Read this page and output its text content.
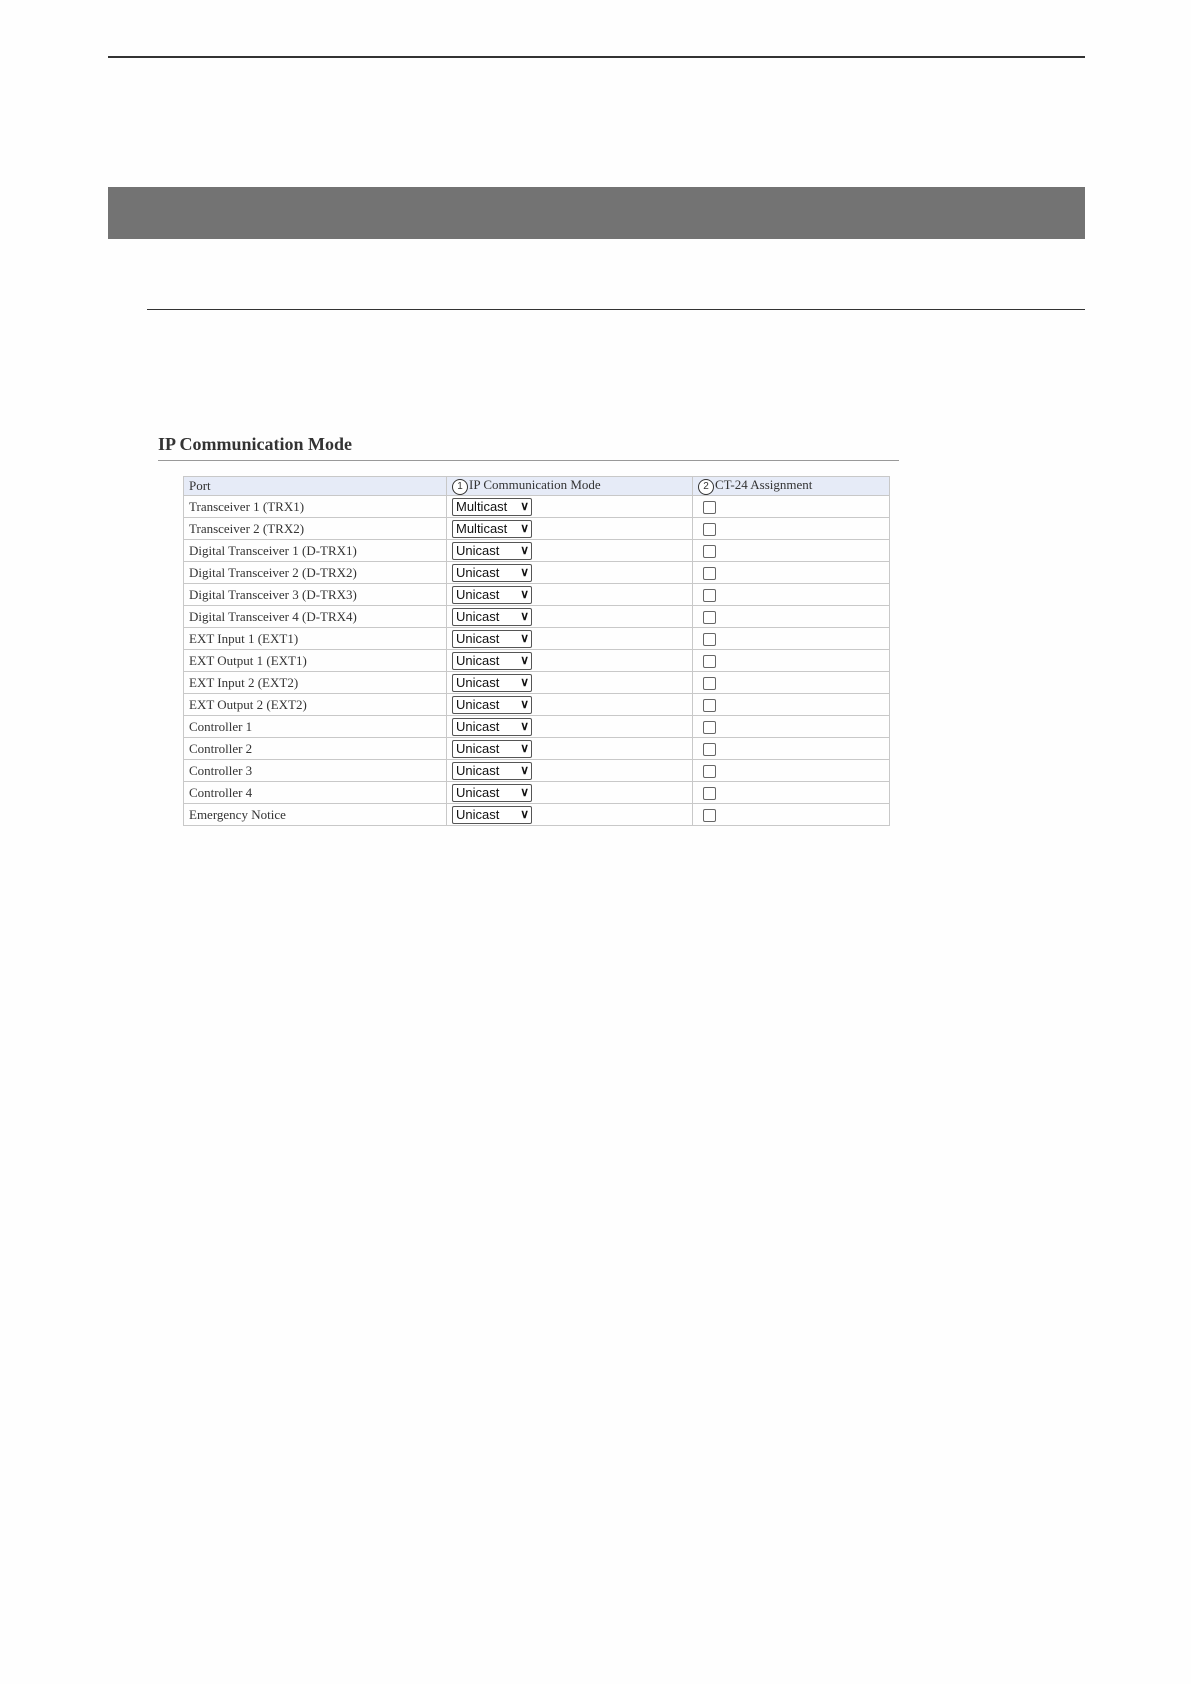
IP Communication Mode
Port	1 IP Communication Mode	2 CT-24 Assignment
Transceiver 1 (TRX1)	Multicast ∨	

Transceiver 2 (TRX2)	Multicast ∨	

Digital Transceiver 1 (D-TRX1)	Unicast ∨	

Digital Transceiver 2 (D-TRX2)	Unicast ∨	

Digital Transceiver 3 (D-TRX3)	Unicast ∨	

Digital Transceiver 4 (D-TRX4)	Unicast ∨	

EXT Input 1 (EXT1)	Unicast ∨	

EXT Output 1 (EXT1)	Unicast ∨	

EXT Input 2 (EXT2)	Unicast ∨	

EXT Output 2 (EXT2)	Unicast ∨	

Controller 1	Unicast ∨	

Controller 2	Unicast ∨	

Controller 3	Unicast ∨	

Controller 4	Unicast ∨	

Emergency Notice	Unicast ∨	
